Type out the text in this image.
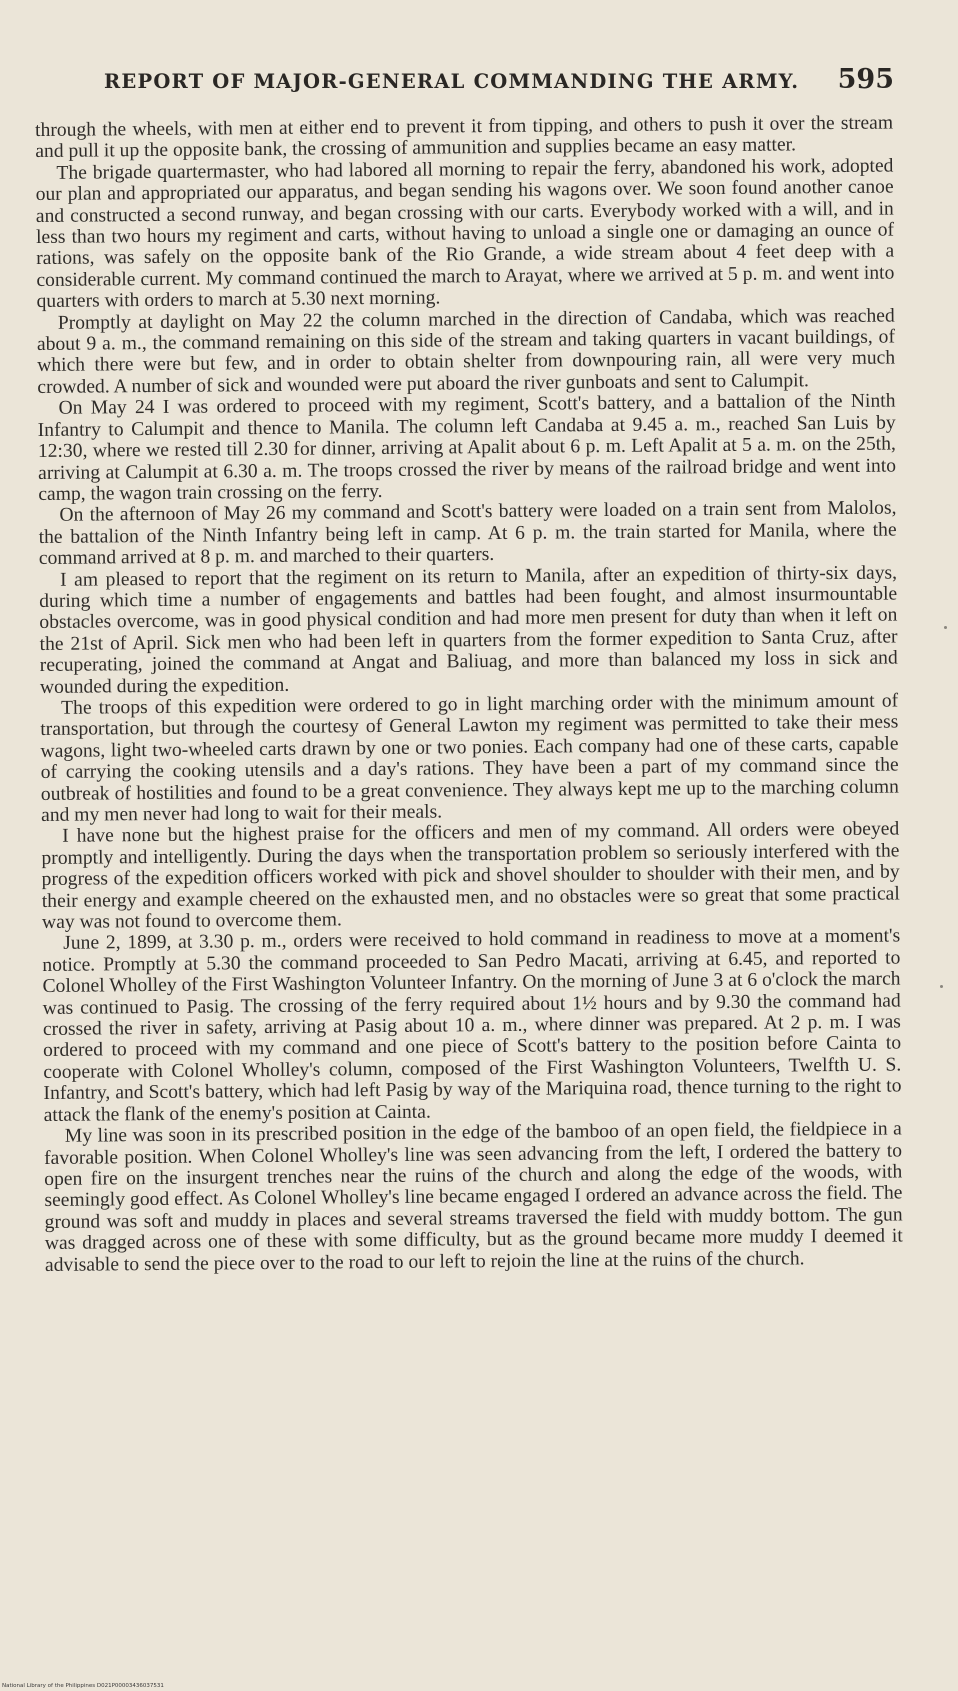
REPORT OF MAJOR-GENERAL COMMANDING THE ARMY. 595

through the wheels, with men at either end to prevent it from tipping, and others to push it over the stream and pull it up the opposite bank, the crossing of ammunition and supplies became an easy matter.

The brigade quartermaster, who had labored all morning to repair the ferry, abandoned his work, adopted our plan and appropriated our apparatus, and began sending his wagons over. We soon found another canoe and constructed a second runway, and began crossing with our carts. Everybody worked with a will, and in less than two hours my regiment and carts, without having to unload a single one or damaging an ounce of rations, was safely on the opposite bank of the Rio Grande, a wide stream about 4 feet deep with a considerable current. My command continued the march to Arayat, where we arrived at 5 p. m. and went into quarters with orders to march at 5.30 next morning.

Promptly at daylight on May 22 the column marched in the direction of Candaba, which was reached about 9 a. m., the command remaining on this side of the stream and taking quarters in vacant buildings, of which there were but few, and in order to obtain shelter from downpouring rain, all were very much crowded. A number of sick and wounded were put aboard the river gunboats and sent to Calumpit.

On May 24 I was ordered to proceed with my regiment, Scott's battery, and a battalion of the Ninth Infantry to Calumpit and thence to Manila. The column left Candaba at 9.45 a. m., reached San Luis by 12:30, where we rested till 2.30 for dinner, arriving at Apalit about 6 p. m. Left Apalit at 5 a. m. on the 25th, arriving at Calumpit at 6.30 a. m. The troops crossed the river by means of the railroad bridge and went into camp, the wagon train crossing on the ferry.

On the afternoon of May 26 my command and Scott's battery were loaded on a train sent from Malolos, the battalion of the Ninth Infantry being left in camp. At 6 p. m. the train started for Manila, where the command arrived at 8 p. m. and marched to their quarters.

I am pleased to report that the regiment on its return to Manila, after an expedition of thirty-six days, during which time a number of engagements and battles had been fought, and almost insurmountable obstacles overcome, was in good physical condition and had more men present for duty than when it left on the 21st of April. Sick men who had been left in quarters from the former expedition to Santa Cruz, after recuperating, joined the command at Angat and Baliuag, and more than balanced my loss in sick and wounded during the expedition.

The troops of this expedition were ordered to go in light marching order with the minimum amount of transportation, but through the courtesy of General Lawton my regiment was permitted to take their mess wagons, light two-wheeled carts drawn by one or two ponies. Each company had one of these carts, capable of carrying the cooking utensils and a day's rations. They have been a part of my command since the outbreak of hostilities and found to be a great convenience. They always kept me up to the marching column and my men never had long to wait for their meals.

I have none but the highest praise for the officers and men of my command. All orders were obeyed promptly and intelligently. During the days when the transportation problem so seriously interfered with the progress of the expedition officers worked with pick and shovel shoulder to shoulder with their men, and by their energy and example cheered on the exhausted men, and no obstacles were so great that some practical way was not found to overcome them.

June 2, 1899, at 3.30 p. m., orders were received to hold command in readiness to move at a moment's notice. Promptly at 5.30 the command proceeded to San Pedro Macati, arriving at 6.45, and reported to Colonel Wholley of the First Washington Volunteer Infantry. On the morning of June 3 at 6 o'clock the march was continued to Pasig. The crossing of the ferry required about 1½ hours and by 9.30 the command had crossed the river in safety, arriving at Pasig about 10 a. m., where dinner was prepared. At 2 p. m. I was ordered to proceed with my command and one piece of Scott's battery to the position before Cainta to cooperate with Colonel Wholley's column, composed of the First Washington Volunteers, Twelfth U. S. Infantry, and Scott's battery, which had left Pasig by way of the Mariquina road, thence turning to the right to attack the flank of the enemy's position at Cainta.

My line was soon in its prescribed position in the edge of the bamboo of an open field, the fieldpiece in a favorable position. When Colonel Wholley's line was seen advancing from the left, I ordered the battery to open fire on the insurgent trenches near the ruins of the church and along the edge of the woods, with seemingly good effect. As Colonel Wholley's line became engaged I ordered an advance across the field. The ground was soft and muddy in places and several streams traversed the field with muddy bottom. The gun was dragged across one of these with some difficulty, but as the ground became more muddy I deemed it advisable to send the piece over to the road to our left to rejoin the line at the ruins of the church.

National Library of the Philippines D021P00003436037531
